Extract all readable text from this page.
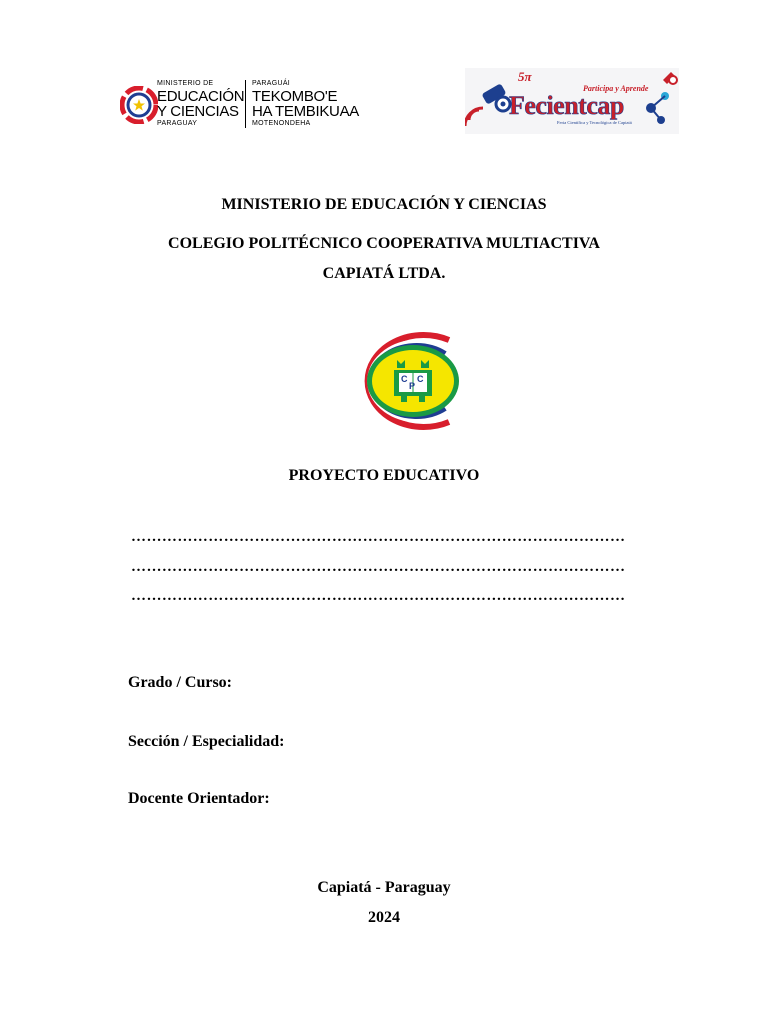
MINISTERIO DE
EDUCACIÓN
Y CIENCIAS
PARAGUAY
PARAGUÁI
TEKOMBO'E
HA TEMBIKUAA
MOTENONDEHA
5π
Participa y Aprende
Fecientcap
Feria Científica y Tecnológica de Capiatá
MINISTERIO DE EDUCACIÓN Y CIENCIAS
COLEGIO POLITÉCNICO COOPERATIVA MULTIACTIVA
CAPIATÁ LTDA.
C
P
C
PROYECTO EDUCATIVO
……………………………………………………………………………………
……………………………………………………………………………………
……………………………………………………………………………………
Grado / Curso:
Sección / Especialidad:
Docente Orientador:
Capiatá - Paraguay
2024
